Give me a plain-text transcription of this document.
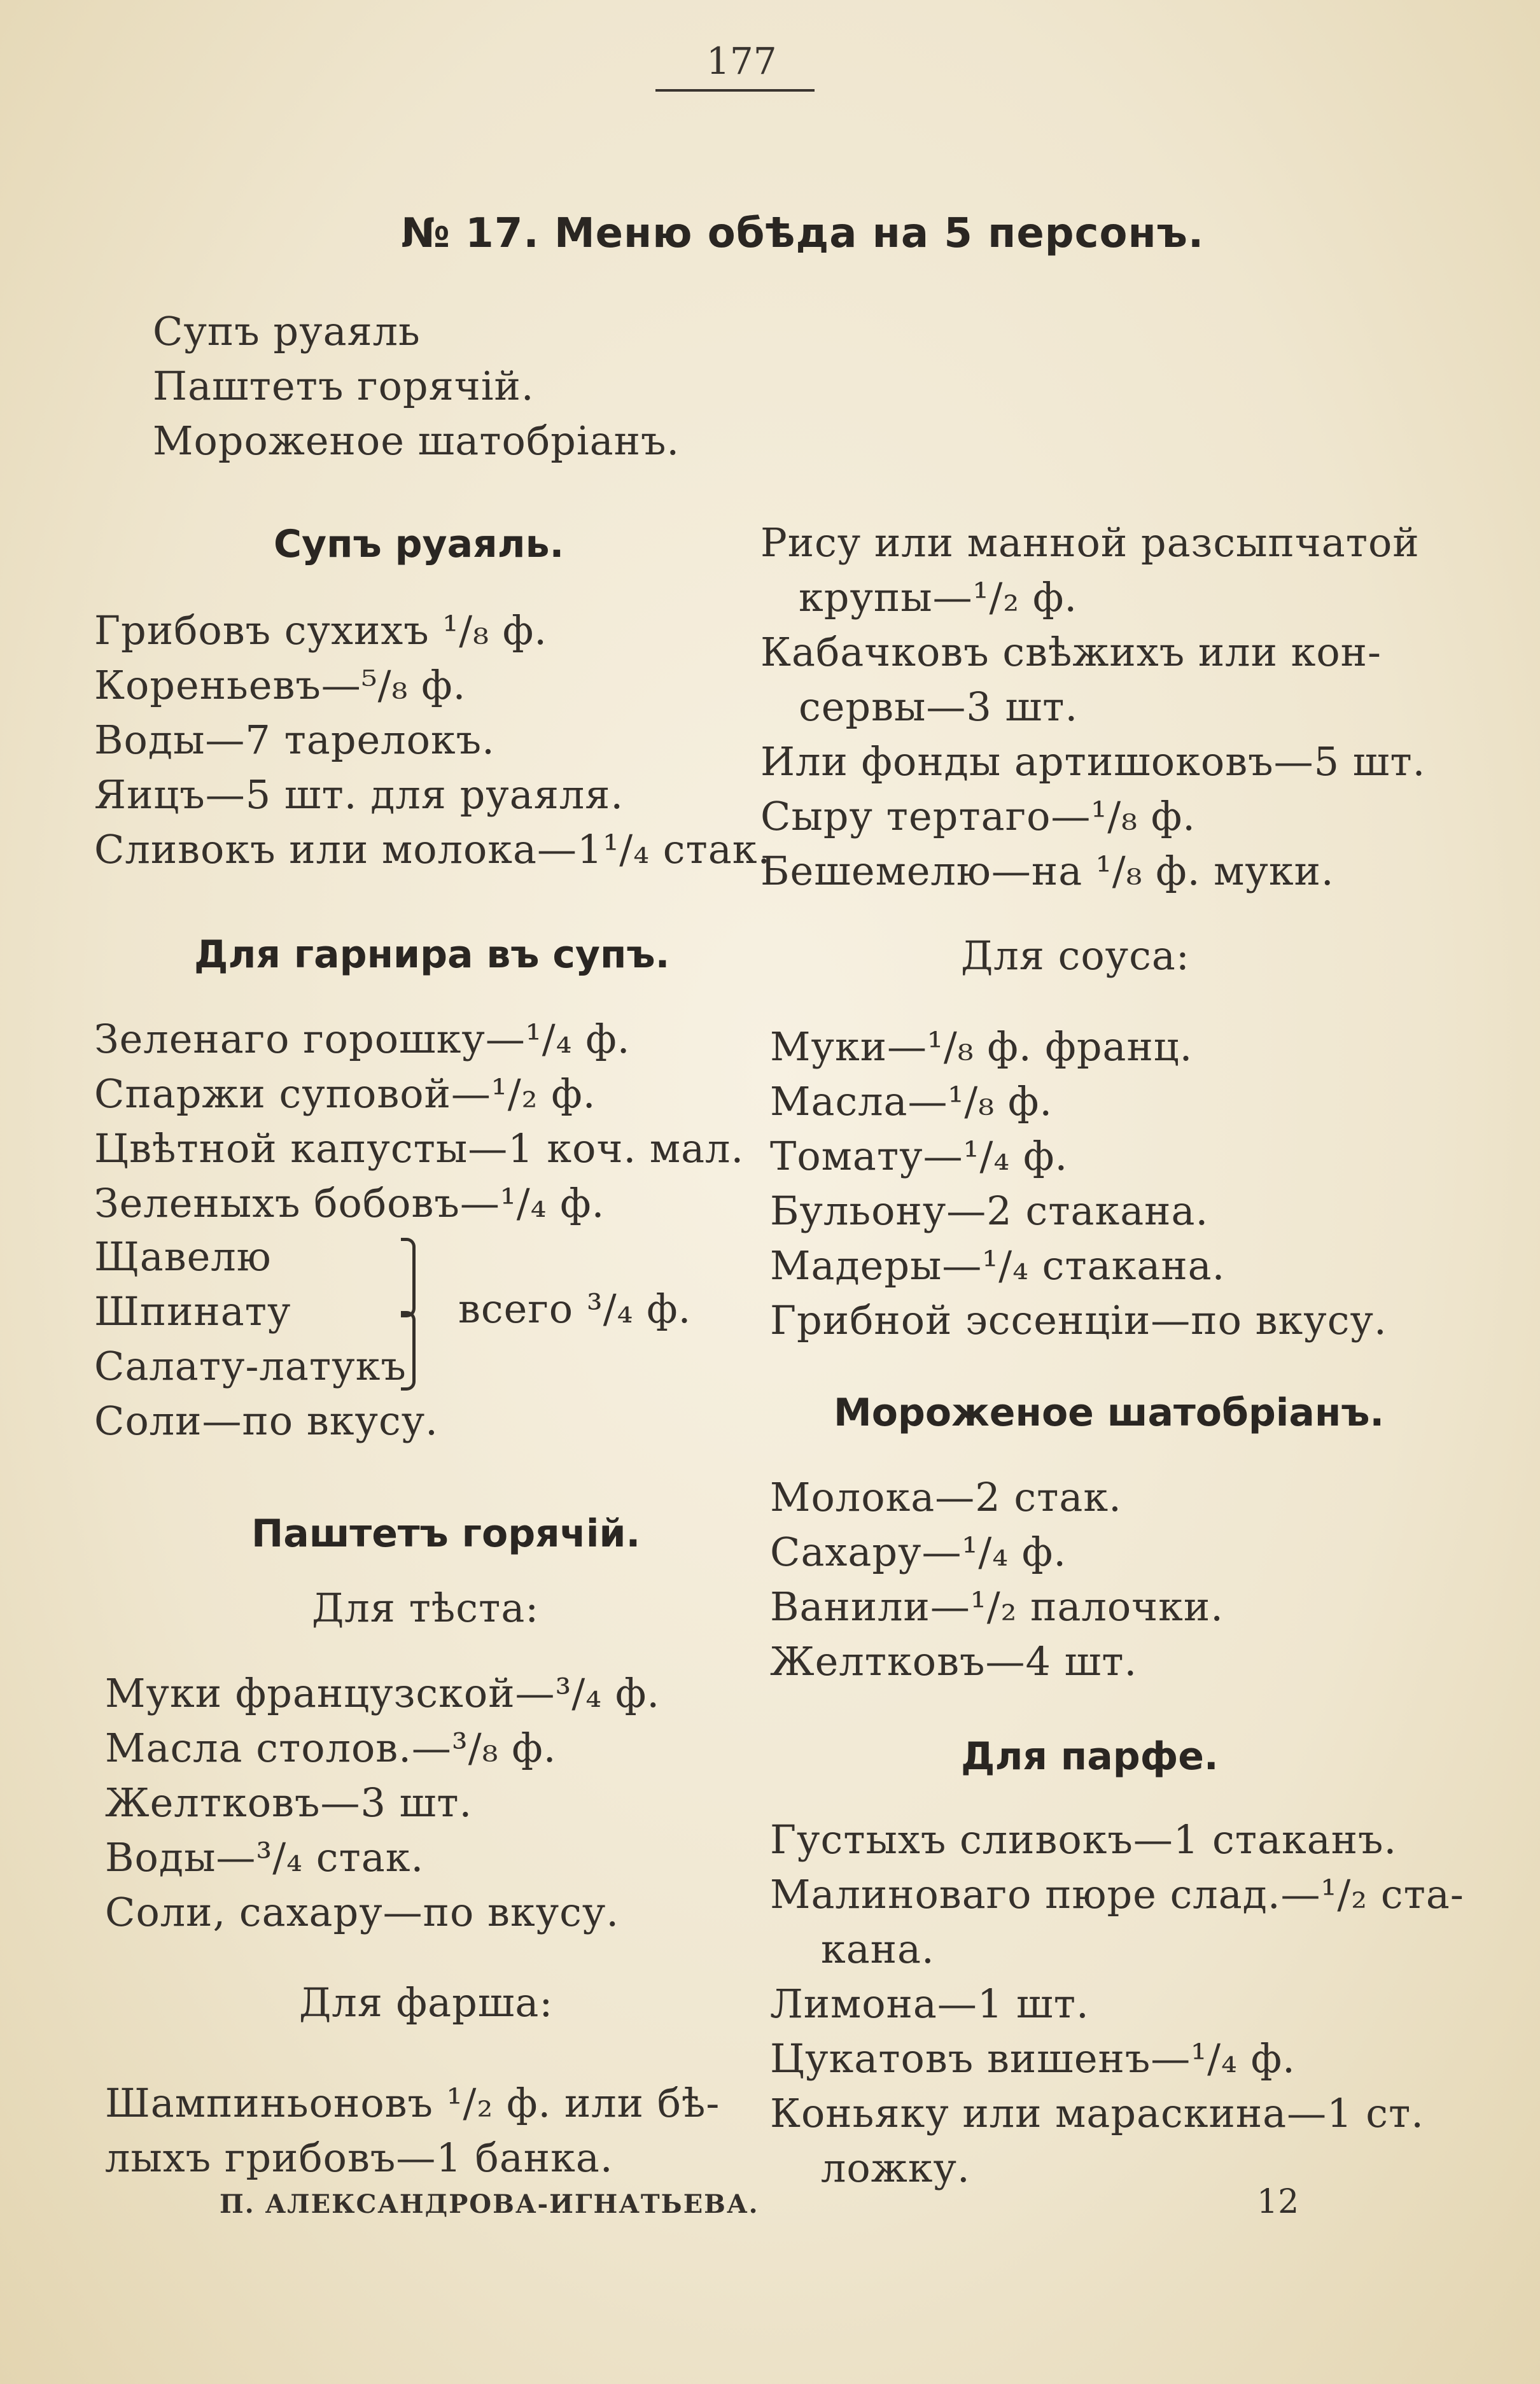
177
№ 17. Меню обѣда на 5 персонъ.
Супъ руаяль
Паштетъ горячій.
Мороженое шатобріанъ.
Супъ руаяль.
Грибовъ сухихъ ¹/₈ ф.
Кореньевъ—⁵/₈ ф.
Воды—7 тарелокъ.
Яицъ—5 шт. для руаяля.
Сливокъ или молока—1¹/₄ стак.
Для гарнира въ супъ.
Зеленаго горошку—¹/₄ ф.
Спаржи суповой—¹/₂ ф.
Цвѣтной капусты—1 коч. мал.
Зеленыхъ бобовъ—¹/₄ ф.
Щавелю
Шпинату
Салату-латукъ
всего ³/₄ ф.
Соли—по вкусу.
Паштетъ горячій.
Для тѣста:
Муки французской—³/₄ ф.
Масла столов.—³/₈ ф.
Желтковъ—3 шт.
Воды—³/₄ стак.
Соли, сахару—по вкусу.
Для фарша:
Шампиньоновъ ¹/₂ ф. или бѣ-
лыхъ грибовъ—1 банка.
Рису или манной разсыпчатой
крупы—¹/₂ ф.
Кабачковъ свѣжихъ или кон-
сервы—3 шт.
Или фонды артишоковъ—5 шт.
Сыру тертаго—¹/₈ ф.
Бешемелю—на ¹/₈ ф. муки.
Для соуса:
Муки—¹/₈ ф. франц.
Масла—¹/₈ ф.
Томату—¹/₄ ф.
Бульону—2 стакана.
Мадеры—¹/₄ стакана.
Грибной эссенціи—по вкусу.
Мороженое шатобріанъ.
Молока—2 стак.
Сахару—¹/₄ ф.
Ванили—¹/₂ палочки.
Желтковъ—4 шт.
Для парфе.
Густыхъ сливокъ—1 стаканъ.
Малиноваго пюре слад.—¹/₂ ста-
кана.
Лимона—1 шт.
Цукатовъ вишенъ—¹/₄ ф.
Коньяку или мараскина—1 ст.
ложку.
П. АЛЕКСАНДРОВА-ИГНАТЬЕВА.	12
